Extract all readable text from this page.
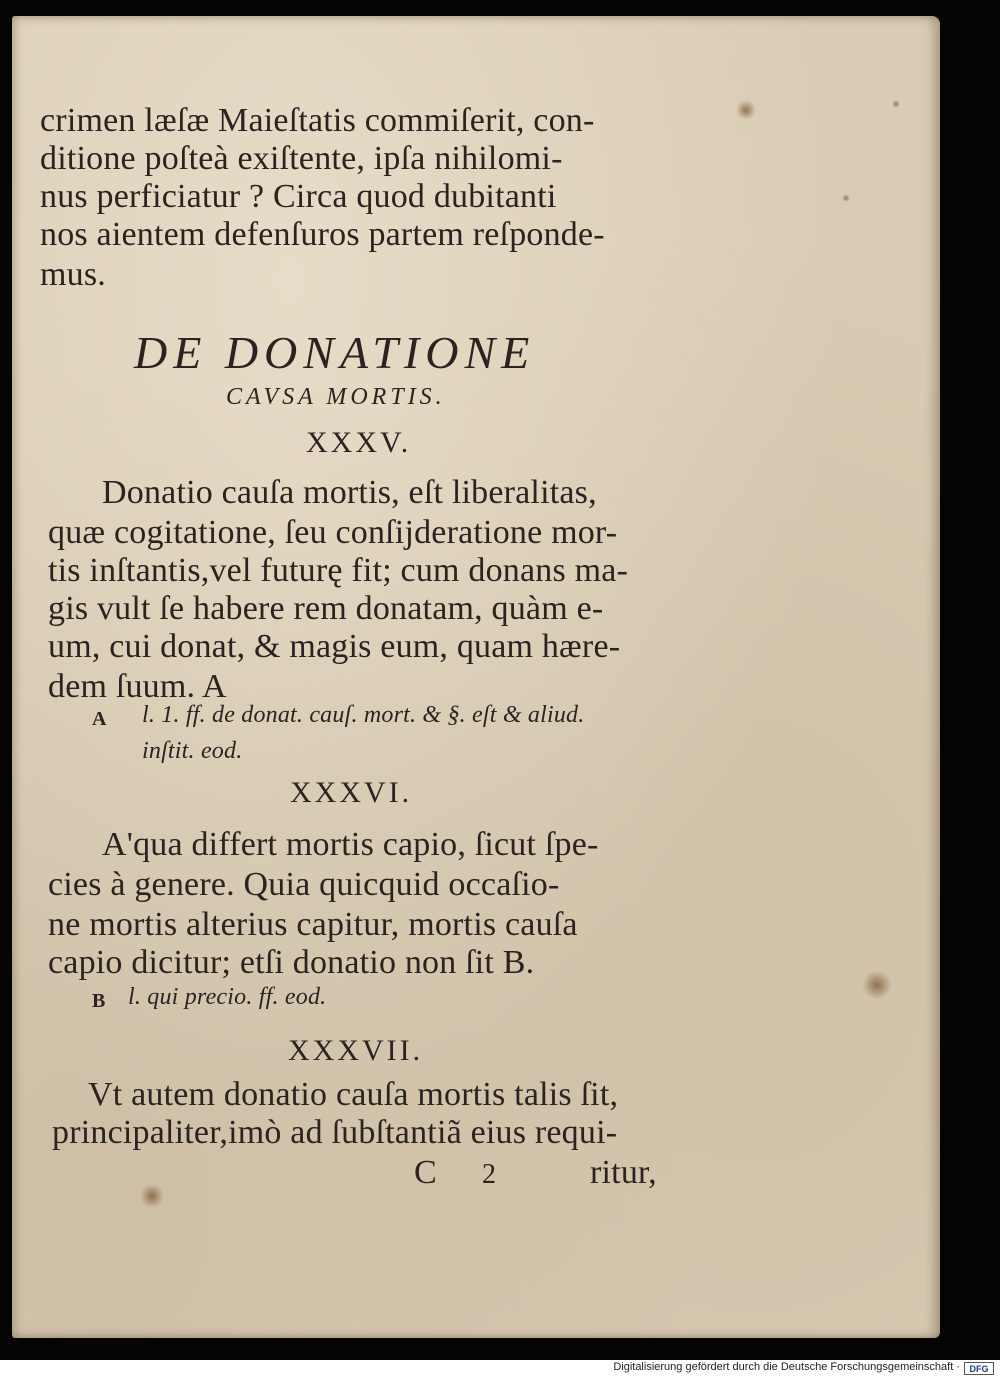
crimen læſæ Maieſtatis commiſerit, con-
ditione poſteà exiſtente, ipſa nihilomi-
nus perficiatur ? Circa quod dubitanti
nos aientem defenſuros partem reſponde-
mus.
DE DONATIONE
CAVSA MORTIS.
XXXV.
Donatio cauſa mortis, eſt liberalitas,
quæ cogitatione, ſeu conſijderatione mor-
tis inſtantis,vel futurę fit; cum donans ma-
gis vult ſe habere rem donatam, quàm e-
um, cui donat, & magis eum, quam hære-
dem ſuum. A
A l. 1. ff. de donat. cauſ. mort. & §. eſt & aliud.
inſtit. eod.
XXXVI.
A'qua differt mortis capio, ſicut ſpe-
cies à genere. Quia quicquid occaſio-
ne mortis alterius capitur, mortis cauſa
capio dicitur; etſi donatio non ſit B.
B l. qui precio. ff. eod.
XXXVII.
Vt autem donatio cauſa mortis talis ſit,
principaliter,imò ad ſubſtantiã eius requi-
C 2	ritur,
Digitalisierung gefördert durch die Deutsche Forschungsgemeinschaft ·	DFG
